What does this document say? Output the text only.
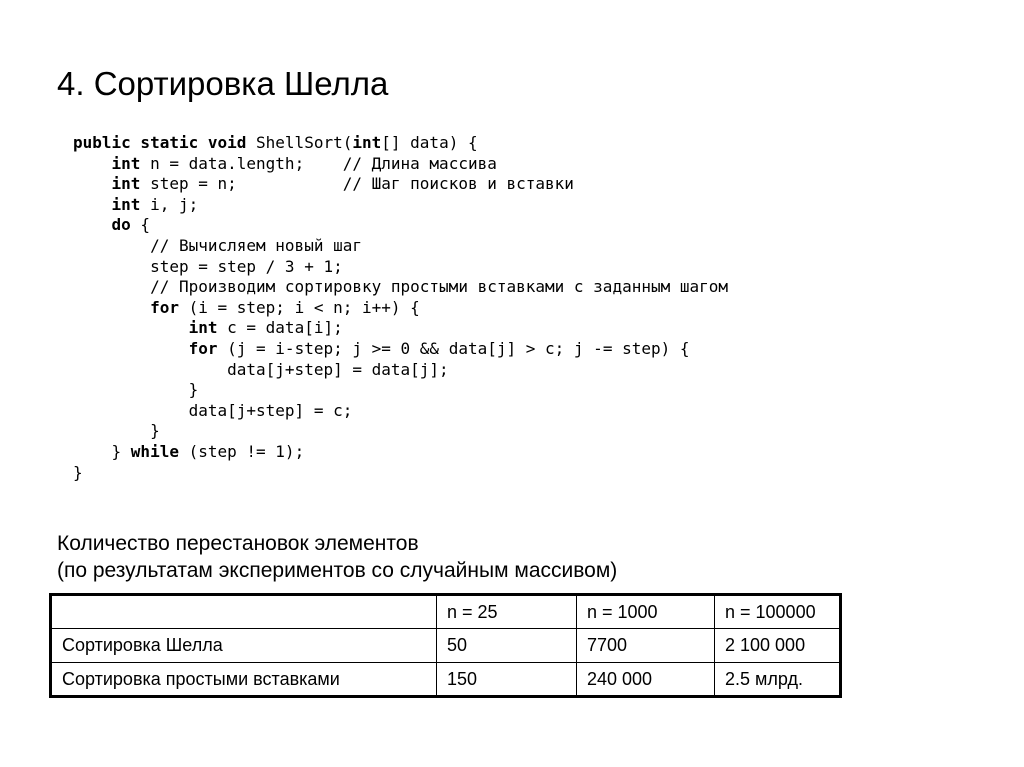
4. Сортировка Шелла
public static void ShellSort(int[] data) {
int n = data.length;    // Длина массива
int step = n;           // Шаг поисков и вставки
int i, j;
do {
// Вычисляем новый шаг
step = step / 3 + 1;
// Производим сортировку простыми вставками с заданным шагом
for (i = step; i < n; i++) {
int c = data[i];
for (j = i-step; j >= 0 && data[j] > c; j -= step) {
data[j+step] = data[j];
}
data[j+step] = c;
}
} while (step != 1);
}
Количество перестановок элементов
(по результатам экспериментов со случайным массивом)
	n = 25	n = 1000	n = 100000
Сортировка Шелла	50	7700	2 100 000
Сортировка простыми вставками	150	240 000	2.5 млрд.
